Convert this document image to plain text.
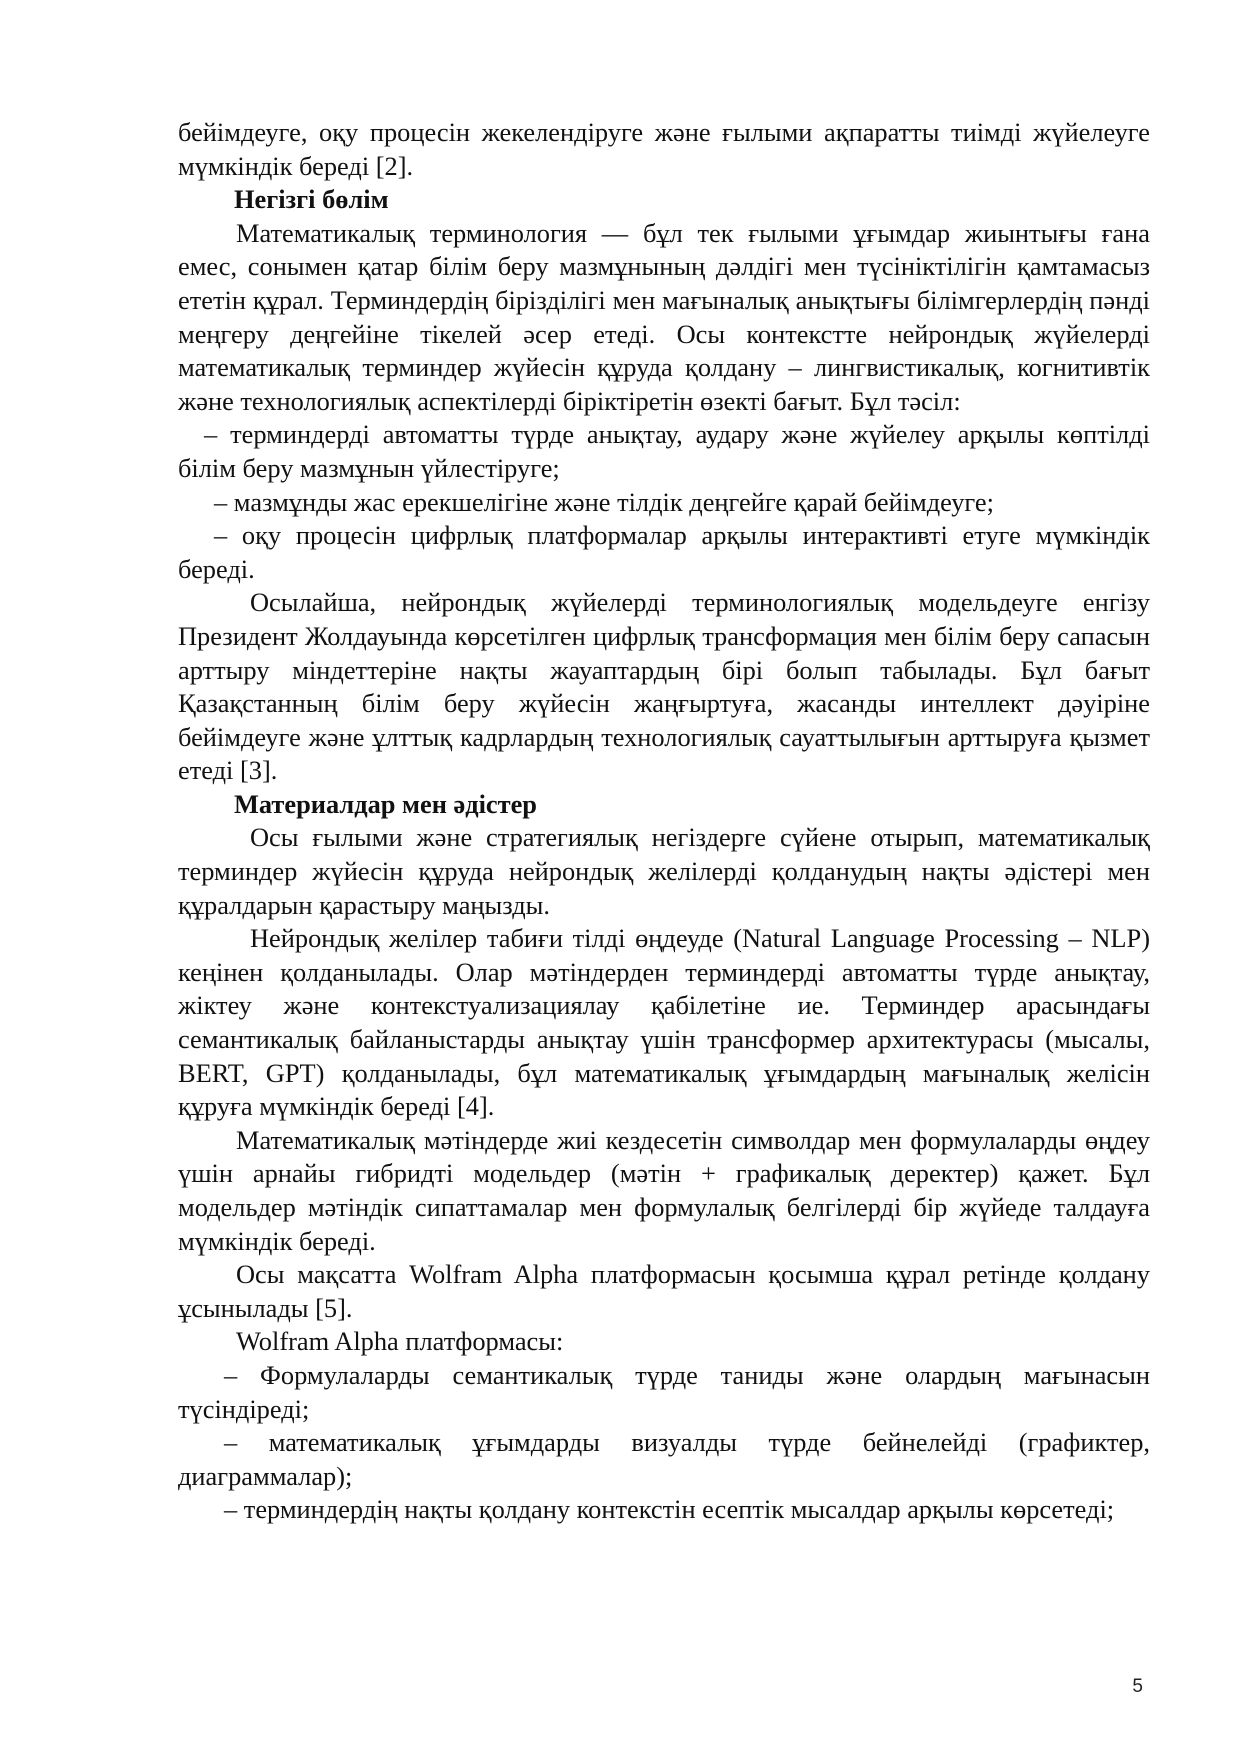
бейімдеуге, оқу процесін жекелендіруге және ғылыми ақпаратты тиімді жүйелеуге мүмкіндік береді [2].

Негізгі бөлім

Математикалық терминология — бұл тек ғылыми ұғымдар жиынтығы ғана емес, сонымен қатар білім беру мазмұнының дәлдігі мен түсініктілігін қамтамасыз ететін құрал. Терминдердің біріздiлігі мен мағыналық анықтығы білімгерлердің пәнді меңгеру деңгейіне тікелей әсер етеді. Осы контекстте нейрондық жүйелерді математикалық терминдер жүйесін құруда қолдану – лингвистикалық, когнитивтік және технологиялық аспектілерді біріктіретін өзекті бағыт. Бұл тәсіл:

– терминдерді автоматты түрде анықтау, аудару және жүйелеу арқылы көптілді білім беру мазмұнын үйлестіруге;

– мазмұнды жас ерекшелігіне және тілдік деңгейге қарай бейімдеуге;

– оқу процесін цифрлық платформалар арқылы интерактивті етуге мүмкіндік береді.

Осылайша, нейрондық жүйелерді терминологиялық модельдеуге енгізу Президент Жолдауында көрсетілген цифрлық трансформация мен білім беру сапасын арттыру міндеттеріне нақты жауаптардың бірі болып табылады. Бұл бағыт Қазақстанның білім беру жүйесін жаңғыртуға, жасанды интеллект дәуіріне бейімдеуге және ұлттық кадрлардың технологиялық сауаттылығын арттыруға қызмет етеді [3].

Материалдар мен әдістер

Осы ғылыми және стратегиялық негіздерге сүйене отырып, математикалық терминдер жүйесін құруда нейрондық желілерді қолданудың нақты әдістері мен құралдарын қарастыру маңызды.

Нейрондық желілер табиғи тілді өңдеуде (Natural Language Processing – NLP) кеңінен қолданылады. Олар мәтіндерден терминдерді автоматты түрде анықтау, жіктеу және контекстуализациялау қабілетіне ие. Терминдер арасындағы семантикалық байланыстарды анықтау үшін трансформер архитектурасы (мысалы, BERT, GPT) қолданылады, бұл математикалық ұғымдардың мағыналық желісін құруға мүмкіндік береді [4].

Математикалық мәтіндерде жиі кездесетін символдар мен формулаларды өңдеу үшін арнайы гибридті модельдер (мәтін + графикалық деректер) қажет. Бұл модельдер мәтіндік сипаттамалар мен формулалық белгілерді бір жүйеде талдауға мүмкіндік береді.

Осы мақсатта Wolfram Alpha платформасын қосымша құрал ретінде қолдану ұсынылады [5].

Wolfram Alpha платформасы:

– Формулаларды семантикалық түрде таниды және олардың мағынасын түсіндіреді;

– математикалық ұғымдарды визуалды түрде бейнелейді (графиктер, диаграммалар);

– терминдердің нақты қолдану контекстін есептік мысалдар арқылы көрсетеді;

5
